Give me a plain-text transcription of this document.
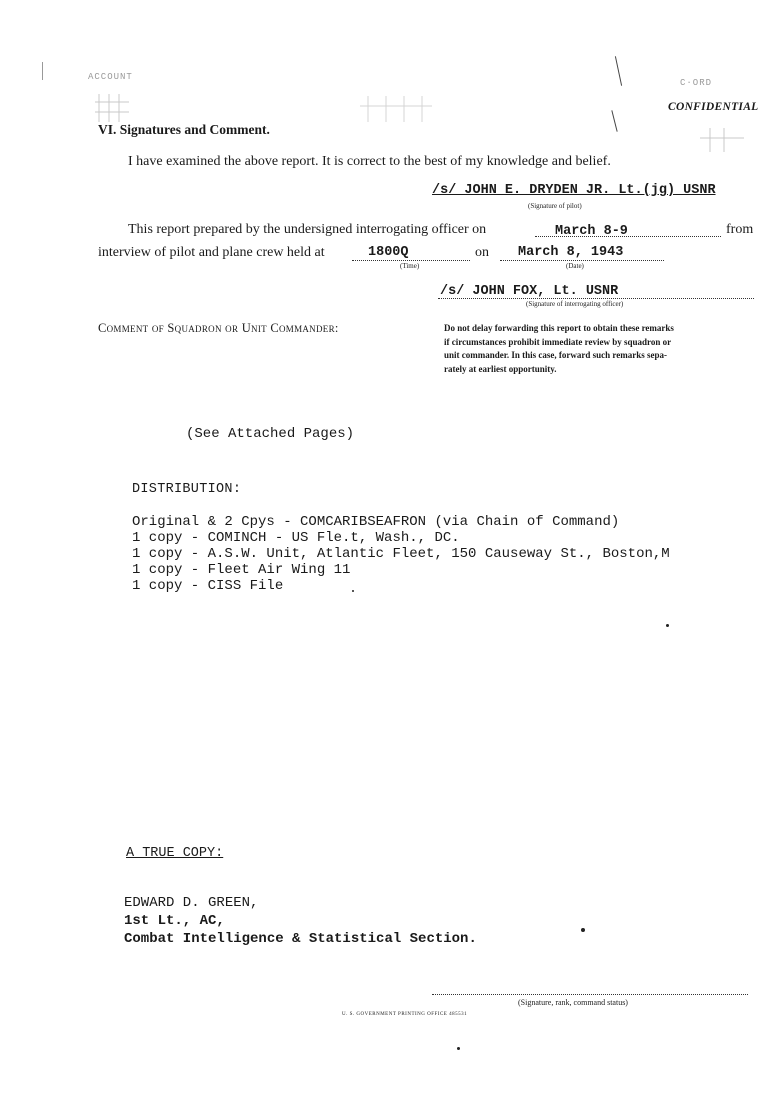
ACCOUNT
C·ORD
CONFIDENTIAL
VI. Signatures and Comment.
I have examined the above report. It is correct to the best of my knowledge and belief.
/s/ JOHN E. DRYDEN JR. Lt.(jg) USNR
(Signature of pilot)
This report prepared by the undersigned interrogating officer on	March 8-9	from
interview of pilot and plane crew held at	1800Q
(Time)
on March 8, 1943
(Date)
/s/ JOHN FOX, Lt. USNR
(Signature of interrogating officer)
Comment of Squadron or Unit Commander:	Do not delay forwarding this report to obtain these remarks
if circumstances prohibit immediate review by squadron or
unit commander. In this case, forward such remarks sepa-
rately at earliest opportunity.
(See Attached Pages)
DISTRIBUTION:
Original & 2 Cpys - COMCARIBSEAFRON (via Chain of Command)
1 copy - COMINCH - US Fle.t, Wash., DC.
1 copy - A.S.W. Unit, Atlantic Fleet, 150 Causeway St., Boston,M
1 copy - Fleet Air Wing 11
1 copy - CISS File
A TRUE COPY:
EDWARD D. GREEN,
1st Lt., AC,
Combat Intelligence & Statistical Section.
(Signature, rank, command status)
U. S. GOVERNMENT PRINTING OFFICE 485531
